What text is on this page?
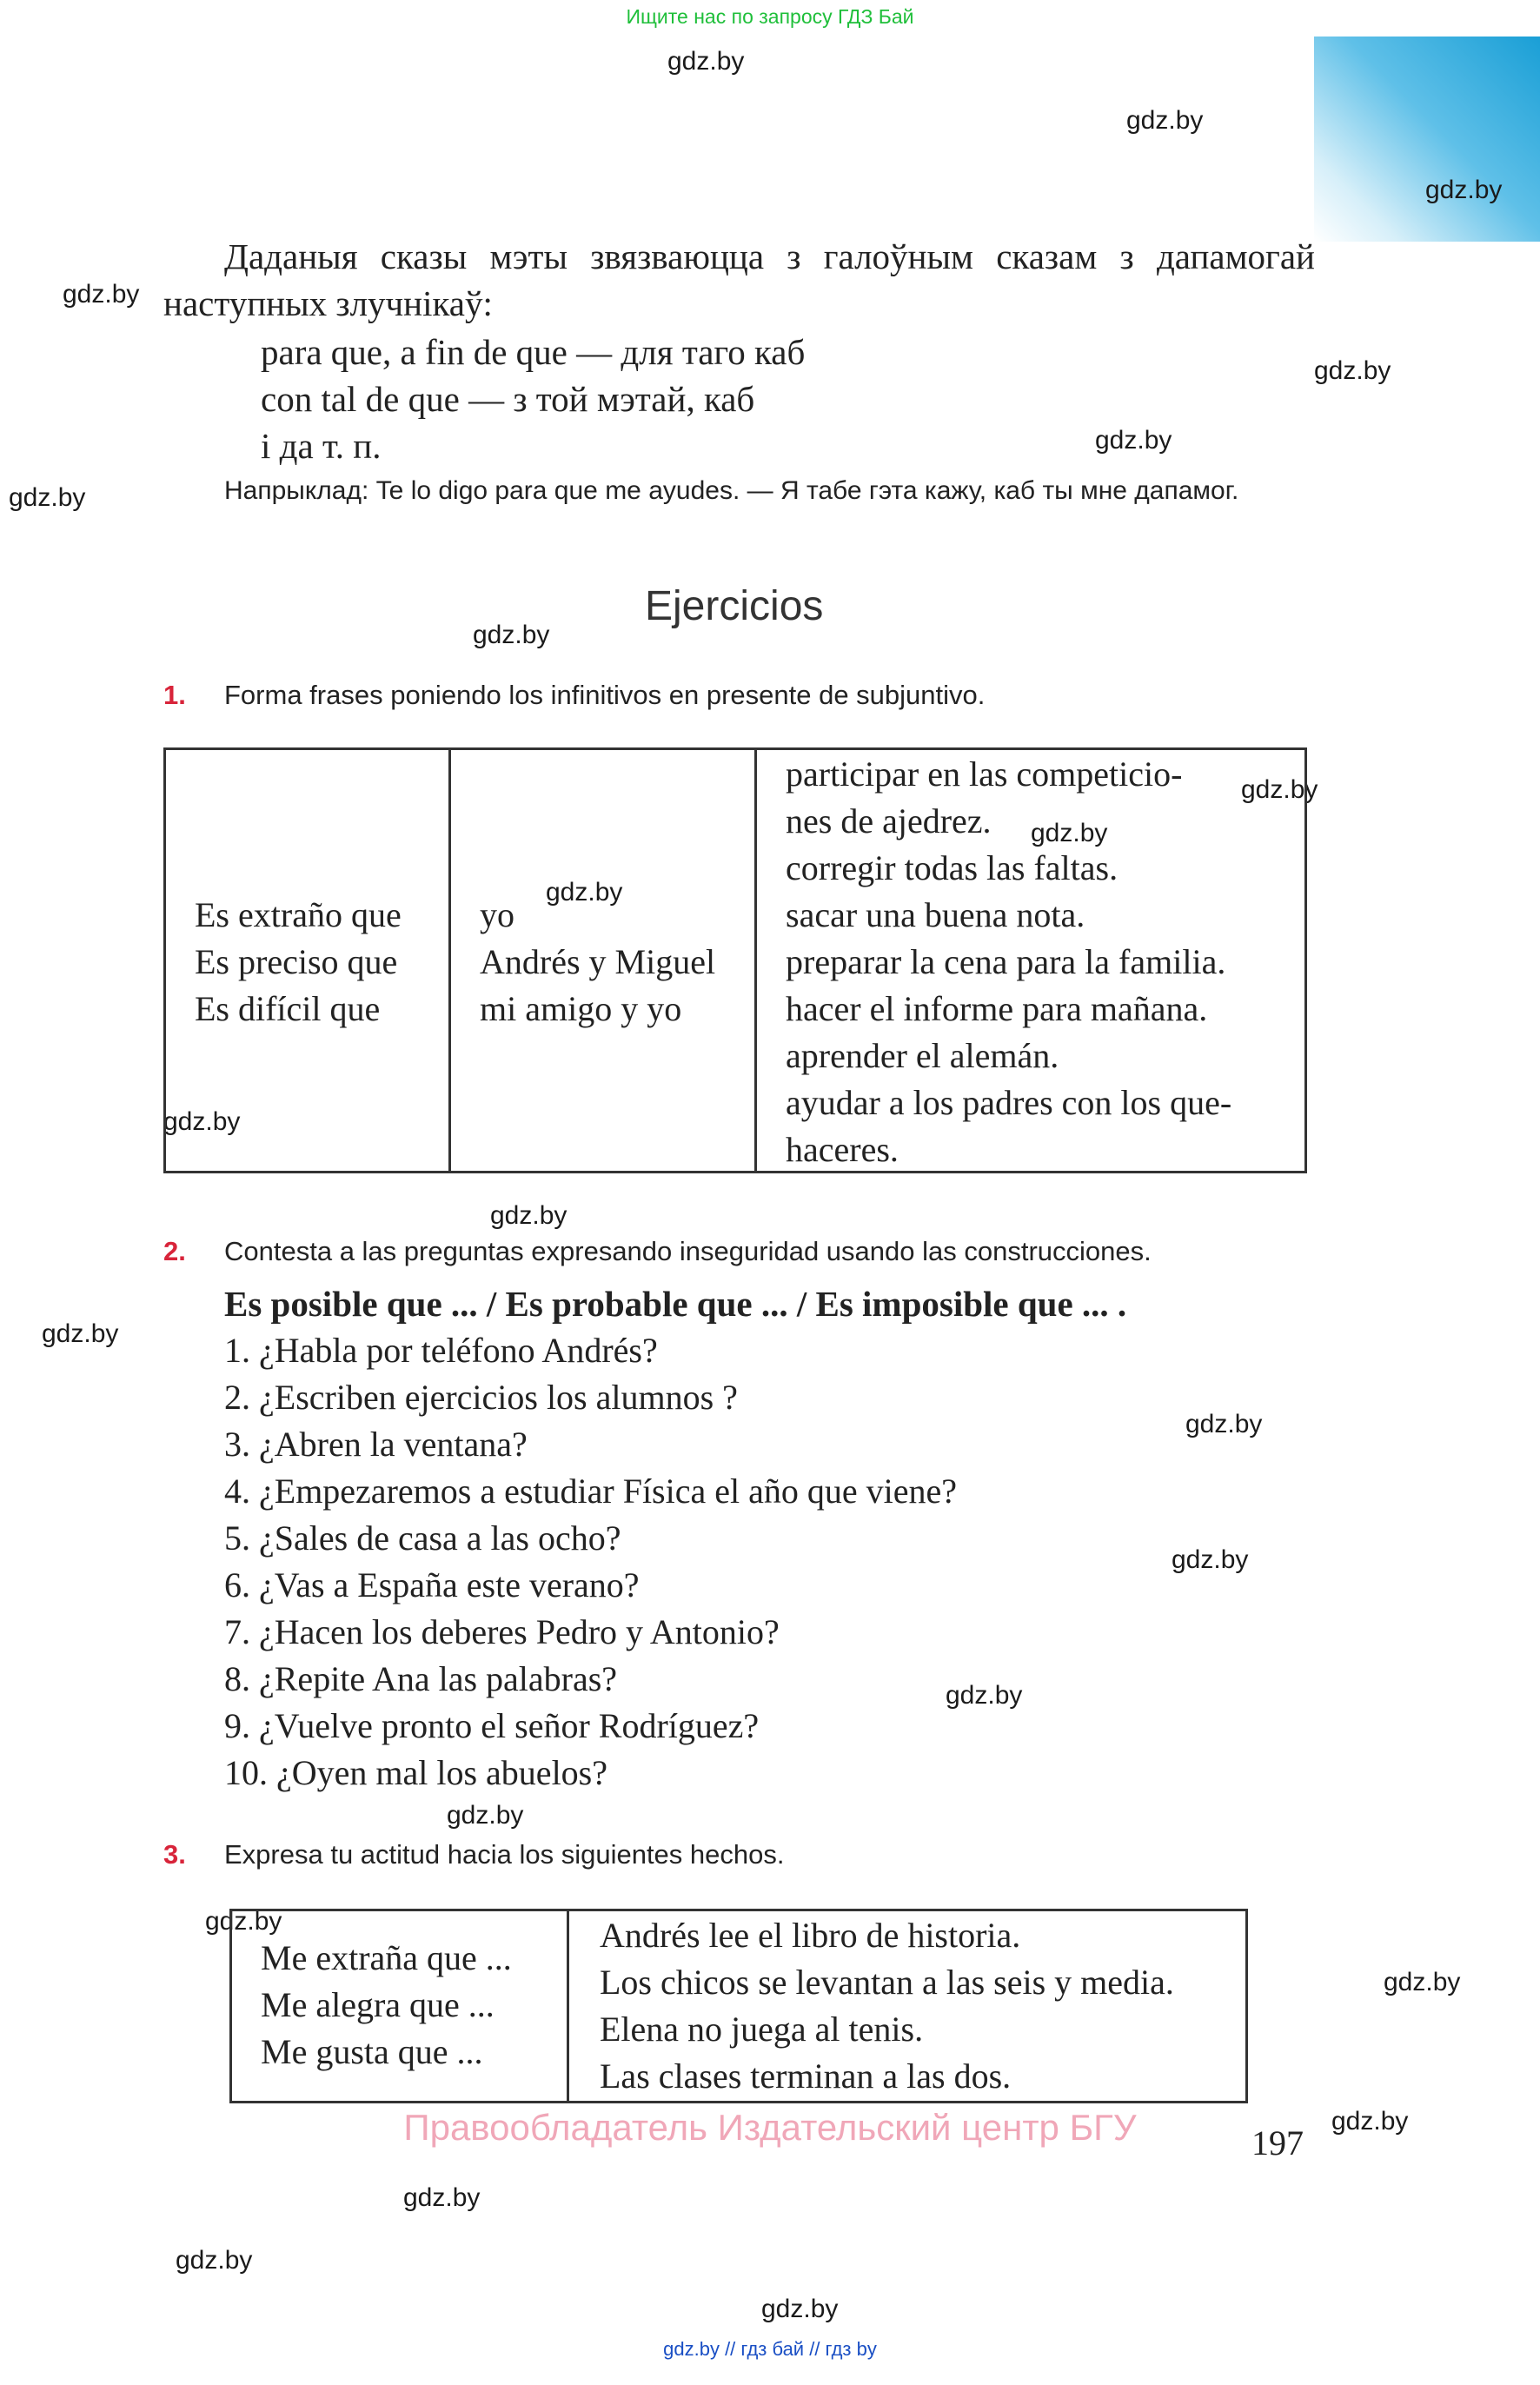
Ищите нас по запросу ГДЗ Бай
gdz.by
gdz.by
gdz.by
gdz.by
gdz.by
gdz.by
gdz.by
gdz.by
gdz.by
gdz.by
gdz.by
gdz.by
gdz.by
gdz.by
gdz.by
gdz.by
gdz.by
gdz.by
gdz.by
gdz.by
gdz.by
gdz.by
gdz.by
gdz.by
Даданыя сказы мэты звязваюцца з галоўным сказам з дапамогай
наступных злучнікаў:
para que, a fin de que — для таго каб
con tal de que — з той мэтай, каб
і да т. п.
Напрыклад: Te lo digo para que me ayudes. — Я табе гэта кажу, каб ты мне дапамог.
Ejercicios
1. Forma frases poniendo los infinitivos en presente de subjuntivo.
Es extraño que
Es preciso que
Es difícil que
yo
Andrés y Miguel
mi amigo y yo
participar en las competicio-
nes de ajedrez.
corregir todas las faltas.
sacar una buena nota.
preparar la cena para la familia.
hacer el informe para mañana.
aprender el alemán.
ayudar a los padres con los que-
haceres.
2. Contesta a las preguntas expresando inseguridad usando las construcciones.
Es posible que ... / Es probable que ... / Es imposible que ... .
1. ¿Habla por teléfono Andrés?
2. ¿Escriben ejercicios los alumnos ?
3. ¿Abren la ventana?
4. ¿Empezaremos a estudiar Física el año que viene?
5. ¿Sales de casa a las ocho?
6. ¿Vas a España este verano?
7. ¿Hacen los deberes Pedro y Antonio?
8. ¿Repite Ana las palabras?
9. ¿Vuelve pronto el señor Rodríguez?
10. ¿Oyen mal los abuelos?
3. Expresa tu actitud hacia los siguientes hechos.
Me extraña que ...
Me alegra que ...
Me gusta que ...
Andrés lee el libro de historia.
Los chicos se levantan a las seis y media.
Elena no juega al tenis.
Las clases terminan a las dos.
Правообладатель Издательский центр БГУ	197
gdz.by // гдз бай // гдз by
